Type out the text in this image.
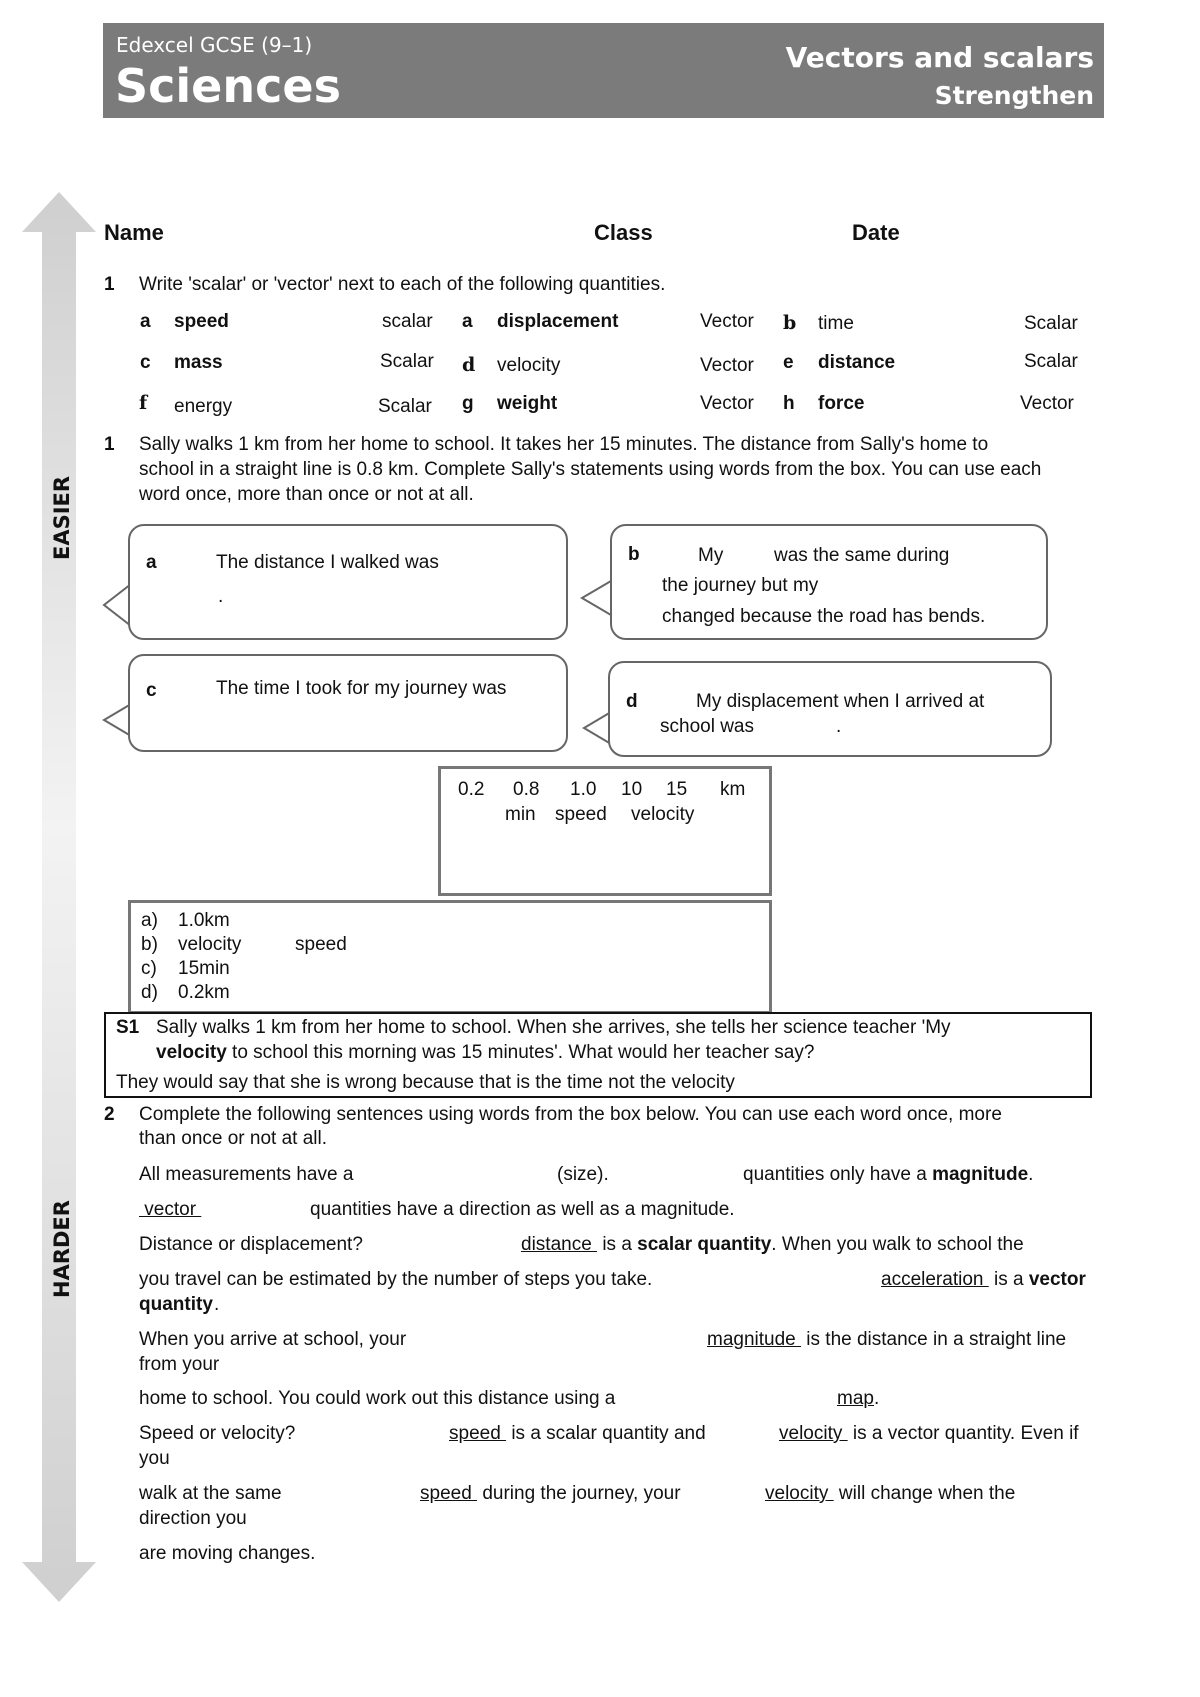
Edexcel GCSE (9–1)
Sciences
Vectors and scalars
Strengthen
EASIER
HARDER
Name	Class	Date
1 Write 'scalar' or 'vector' next to each of the following quantities.
a speed	scalar a displacement	Vector b time	Scalar
c mass	Scalar d velocity	Vector e distance	Scalar
f energy	Scalar g weight	Vector h force	Vector
1 Sally walks 1 km from her home to school. It takes her 15 minutes. The distance from Sally's home to
school in a straight line is 0.8 km. Complete Sally's statements using words from the box. You can use each
word once, more than once or not at all.
a	The distance I walked was
.
b	My	was the same during
the journey but my
changed because the road has bends.
c	The time I took for my journey was
d	My displacement when I arrived at
school was	.
0.2 0.8 1.0 10 15 km
min speed velocity
a) 1.0km
b) velocity	speed
c) 15min
d) 0.2km
S1 Sally walks 1 km from her home to school. When she arrives, she tells her science teacher 'My
velocity to school this morning was 15 minutes'. What would her teacher say?
They would say that she is wrong because that is the time not the velocity
2 Complete the following sentences using words from the box below. You can use each word once, more
than once or not at all.
All measurements have a	(size).	quantities only have a magnitude.
vector	quantities have a direction as well as a magnitude.
Distance or displacement?	distance  is a scalar quantity. When you walk to school the
you travel can be estimated by the number of steps you take.	acceleration  is a vector
quantity .
When you arrive at school, your	magnitude  is the distance in a straight line
from your
home to school. You could work out this distance using a	map.
Speed or velocity?	speed  is a scalar quantity and	velocity  is a vector quantity. Even if
you
walk at the same	speed  during the journey, your	velocity  will change when the
direction you
are moving changes.
